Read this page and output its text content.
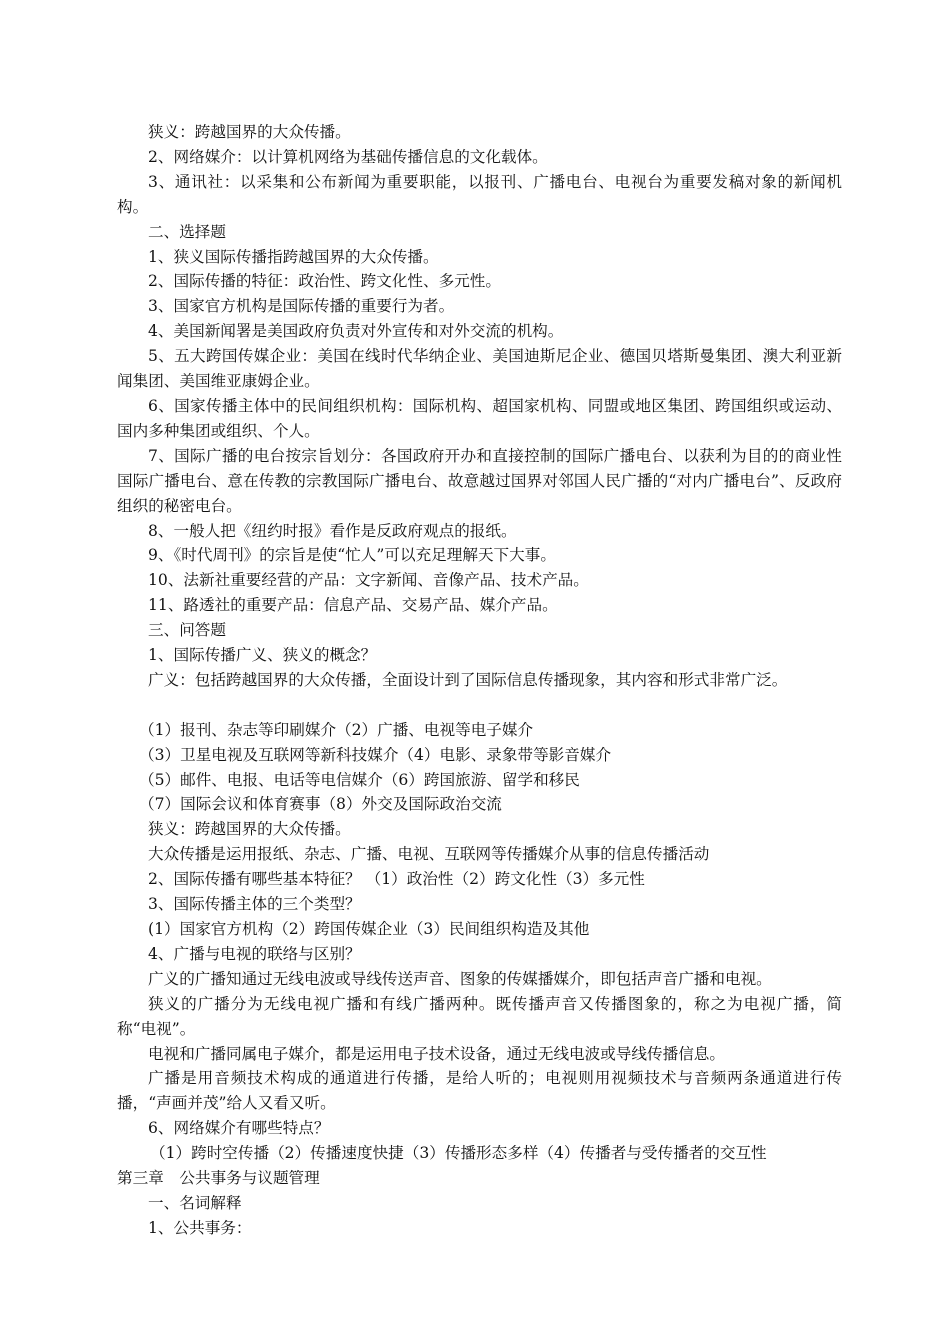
狭义：跨越国界的大众传播。

2、网络媒介：以计算机网络为基础传播信息的文化载体。

3、通讯社：以采集和公布新闻为重要职能，以报刊、广播电台、电视台为重要发稿对象的新闻机构。

二、选择题

1、狭义国际传播指跨越国界的大众传播。

2、国际传播的特征：政治性、跨文化性、多元性。

3、国家官方机构是国际传播的重要行为者。

4、美国新闻署是美国政府负责对外宣传和对外交流的机构。

5、五大跨国传媒企业：美国在线时代华纳企业、美国迪斯尼企业、德国贝塔斯曼集团、澳大利亚新闻集团、美国维亚康姆企业。

6、国家传播主体中的民间组织机构：国际机构、超国家机构、同盟或地区集团、跨国组织或运动、国内多种集团或组织、个人。

7、国际广播的电台按宗旨划分：各国政府开办和直接控制的国际广播电台、以获利为目的的商业性国际广播电台、意在传教的宗教国际广播电台、故意越过国界对邻国人民广播的“对内广播电台”、反政府组织的秘密电台。

8、一般人把《纽约时报》看作是反政府观点的报纸。

9、《时代周刊》的宗旨是使“忙人”可以充足理解天下大事。

10、法新社重要经营的产品：文字新闻、音像产品、技术产品。

11、路透社的重要产品：信息产品、交易产品、媒介产品。

三、问答题

1、国际传播广义、狭义的概念？

广义：包括跨越国界的大众传播，全面设计到了国际信息传播现象，其内容和形式非常广泛。

（1）报刊、杂志等印刷媒介（2）广播、电视等电子媒介

（3）卫星电视及互联网等新科技媒介（4）电影、录象带等影音媒介

（5）邮件、电报、电话等电信媒介（6）跨国旅游、留学和移民

（7）国际会议和体育赛事（8）外交及国际政治交流

狭义：跨越国界的大众传播。

大众传播是运用报纸、杂志、广播、电视、互联网等传播媒介从事的信息传播活动

2、国际传播有哪些基本特征？ （1）政治性（2）跨文化性（3）多元性

3、国际传播主体的三个类型？

(1）国家官方机构（2）跨国传媒企业（3）民间组织构造及其他

4、广播与电视的联络与区别？

广义的广播知通过无线电波或导线传送声音、图象的传媒播媒介，即包括声音广播和电视。

狭义的广播分为无线电视广播和有线广播两种。既传播声音又传播图象的，称之为电视广播，简称“电视”。

电视和广播同属电子媒介，都是运用电子技术设备，通过无线电波或导线传播信息。

广播是用音频技术构成的通道进行传播，是给人听的；电视则用视频技术与音频两条通道进行传播，“声画并茂”给人又看又听。

6、网络媒介有哪些特点？

（1）跨时空传播（2）传播速度快捷（3）传播形态多样（4）传播者与受传播者的交互性

第三章　公共事务与议题管理

一、名词解释

1、公共事务：
